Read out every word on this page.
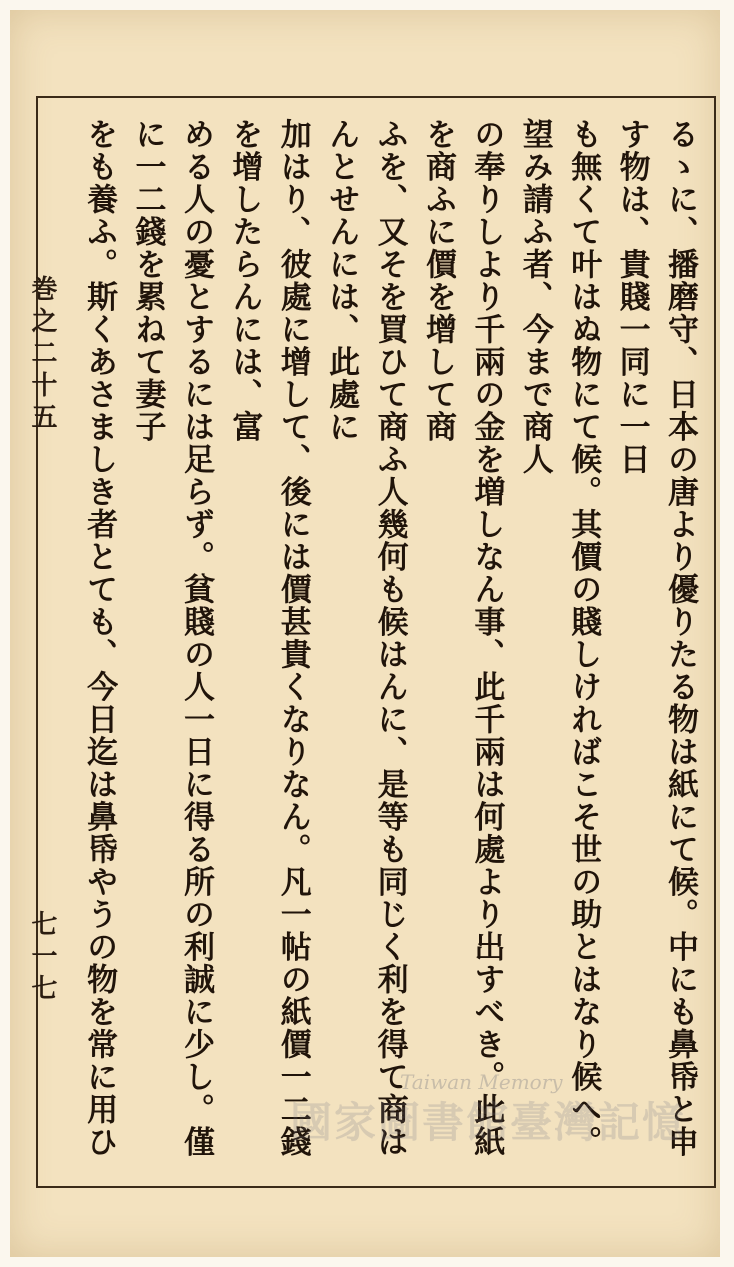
巻之二十五
七一七	るゝに、播磨守、日本の唐より優りたる物は紙にて候。中にも鼻帋と申す物は、貴賤一同に一日

も無くて叶はぬ物にて候。其價の賤しければこそ世の助とはなり候へ。望み請ふ者、今まで商人

の奉りしより千兩の金を増しなん事、此千兩は何處より出すべき。此紙を商ふに價を增して商

ふを、又そを買ひて商ふ人幾何も候はんに、是等も同じく利を得て商はんとせんには、此處に

加はり、彼處に增して、後には價甚貴くなりなん。凡一帖の紙價一二錢を增したらんには、富

める人の憂とするには足らず。貧賤の人一日に得る所の利誠に少し。僅に一二錢を累ねて妻子

をも養ふ。斯くあさましき者とても、今日迄は鼻帋やうの物を常に用ひ

Taiwan Memory
國家圖書館臺灣記憶
